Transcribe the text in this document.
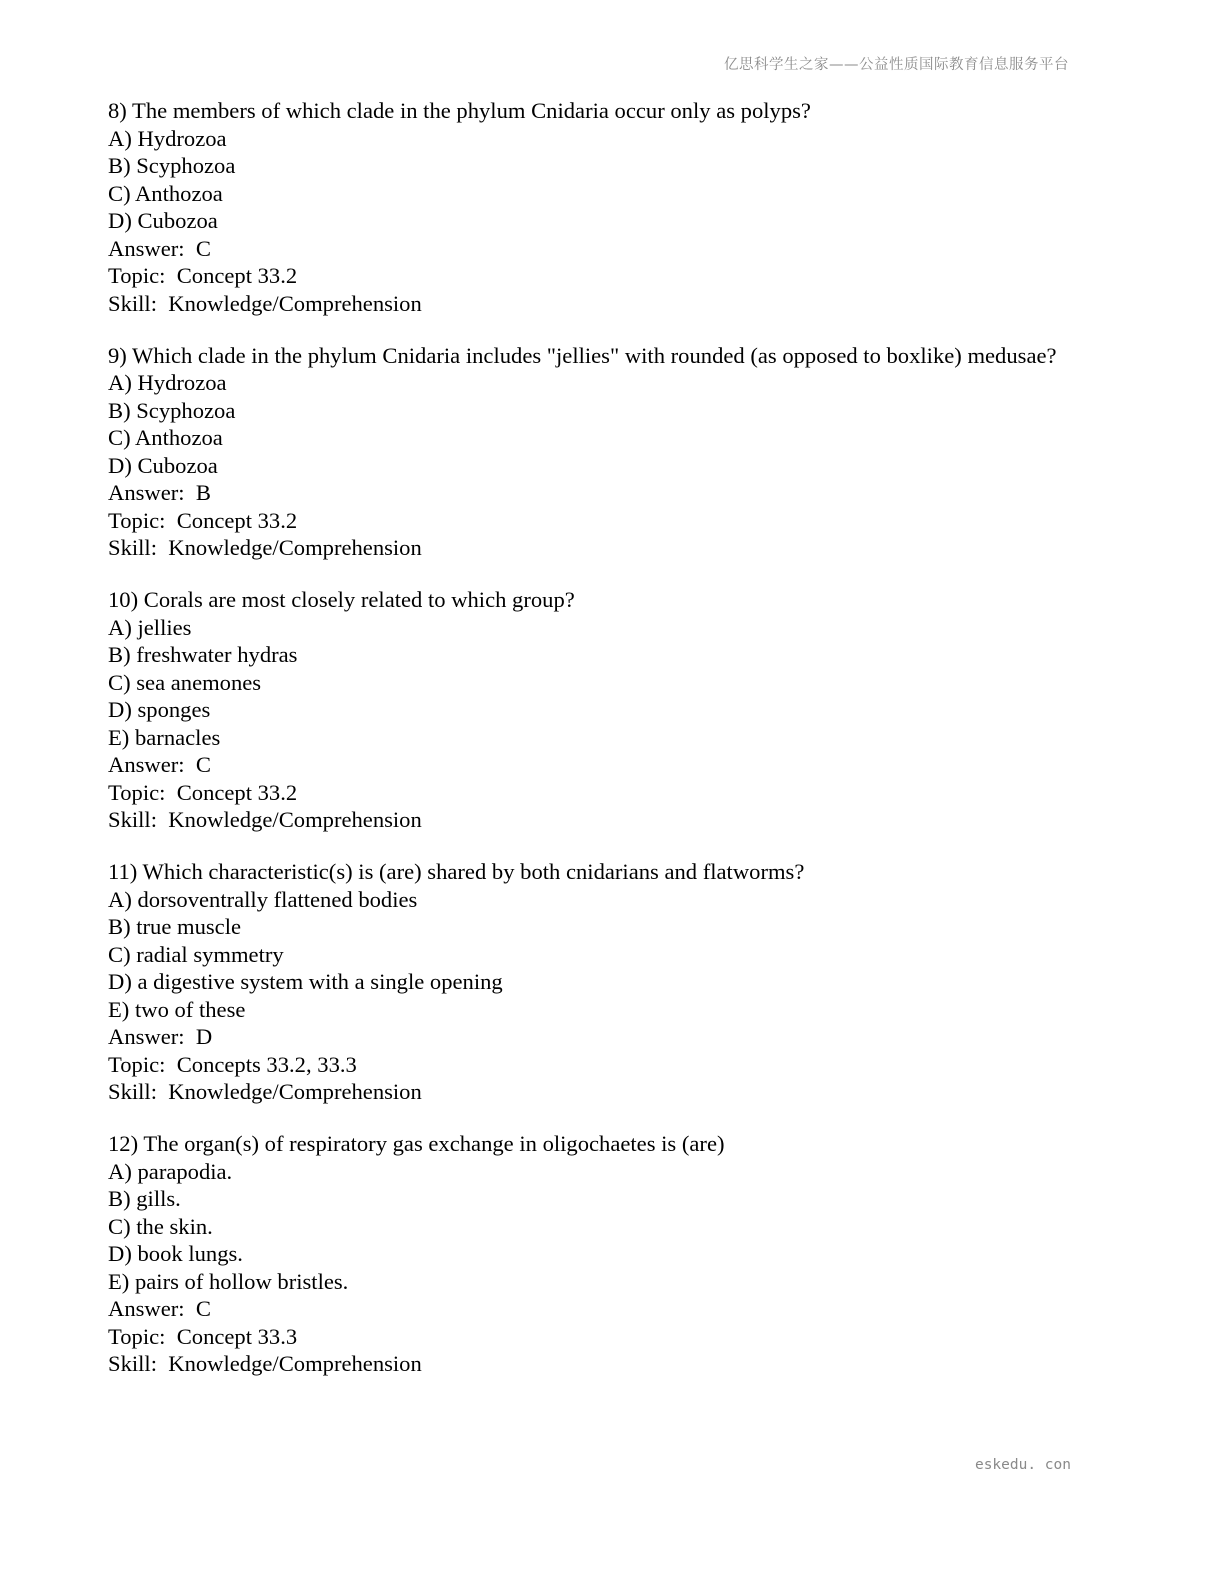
亿思科学生之家——公益性质国际教育信息服务平台
8) The members of which clade in the phylum Cnidaria occur only as polyps?
A) Hydrozoa
B) Scyphozoa
C) Anthozoa
D) Cubozoa
Answer:  C
Topic:  Concept 33.2
Skill:  Knowledge/Comprehension
9) Which clade in the phylum Cnidaria includes "jellies" with rounded (as opposed to boxlike) medusae?
A) Hydrozoa
B) Scyphozoa
C) Anthozoa
D) Cubozoa
Answer:  B
Topic:  Concept 33.2
Skill:  Knowledge/Comprehension
10) Corals are most closely related to which group?
A) jellies
B) freshwater hydras
C) sea anemones
D) sponges
E) barnacles
Answer:  C
Topic:  Concept 33.2
Skill:  Knowledge/Comprehension
11) Which characteristic(s) is (are) shared by both cnidarians and flatworms?
A) dorsoventrally flattened bodies
B) true muscle
C) radial symmetry
D) a digestive system with a single opening
E) two of these
Answer:  D
Topic:  Concepts 33.2, 33.3
Skill:  Knowledge/Comprehension
12) The organ(s) of respiratory gas exchange in oligochaetes is (are)
A) parapodia.
B) gills.
C) the skin.
D) book lungs.
E) pairs of hollow bristles.
Answer:  C
Topic:  Concept 33.3
Skill:  Knowledge/Comprehension
eskedu. con
